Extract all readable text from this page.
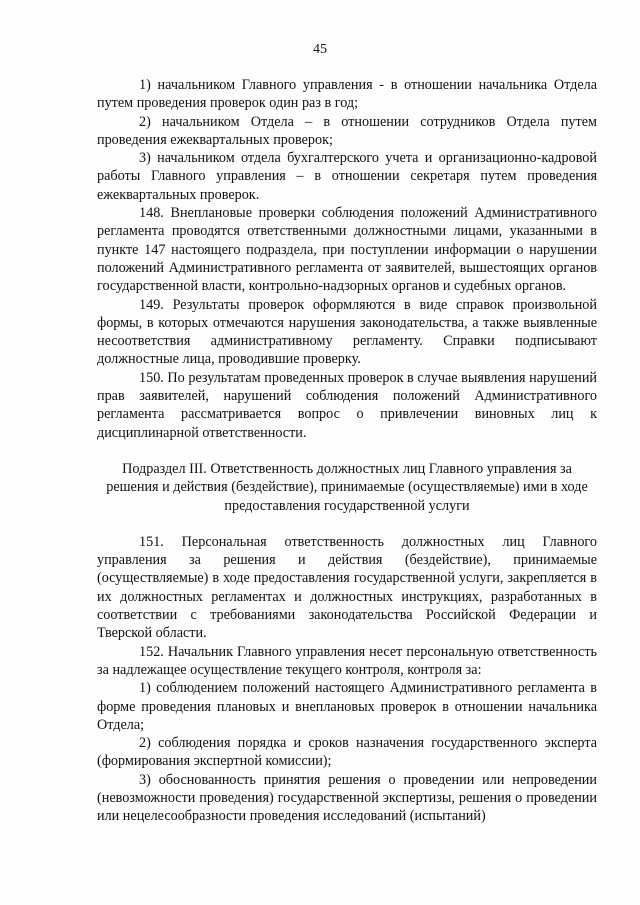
45

1) начальником Главного управления - в отношении начальника Отдела путем проведения проверок один раз в год;

2) начальником Отдела – в отношении сотрудников Отдела путем проведения ежеквартальных проверок;

3) начальником отдела бухгалтерского учета и организационно-кадровой работы Главного управления – в отношении секретаря путем проведения ежеквартальных проверок.

148. Внеплановые проверки соблюдения положений Административного регламента проводятся ответственными должностными лицами, указанными в пункте 147 настоящего подраздела, при поступлении информации о нарушении положений Административного регламента от заявителей, вышестоящих органов государственной власти, контрольно-надзорных органов и судебных органов.

149. Результаты проверок оформляются в виде справок произвольной формы, в которых отмечаются нарушения законодательства, а также выявленные несоответствия административному регламенту. Справки подписывают должностные лица, проводившие проверку.

150. По результатам проведенных проверок в случае выявления нарушений прав заявителей, нарушений соблюдения положений Административного регламента рассматривается вопрос о привлечении виновных лиц к дисциплинарной ответственности.

Подраздел III. Ответственность должностных лиц Главного управления за решения и действия (бездействие), принимаемые (осуществляемые) ими в ходе предоставления государственной услуги

151. Персональная ответственность должностных лиц Главного управления за решения и действия (бездействие), принимаемые (осуществляемые) в ходе предоставления государственной услуги, закрепляется в их должностных регламентах и должностных инструкциях, разработанных в соответствии с требованиями законодательства Российской Федерации и Тверской области.

152. Начальник Главного управления несет персональную ответственность за надлежащее осуществление текущего контроля, контроля за:

1) соблюдением положений настоящего Административного регламента в форме проведения плановых и внеплановых проверок в отношении начальника Отдела;

2) соблюдения порядка и сроков назначения государственного эксперта (формирования экспертной комиссии);

3) обоснованность принятия решения о проведении или непроведении (невозможности проведения) государственной экспертизы, решения о проведении или нецелесообразности проведения исследований (испытаний)
